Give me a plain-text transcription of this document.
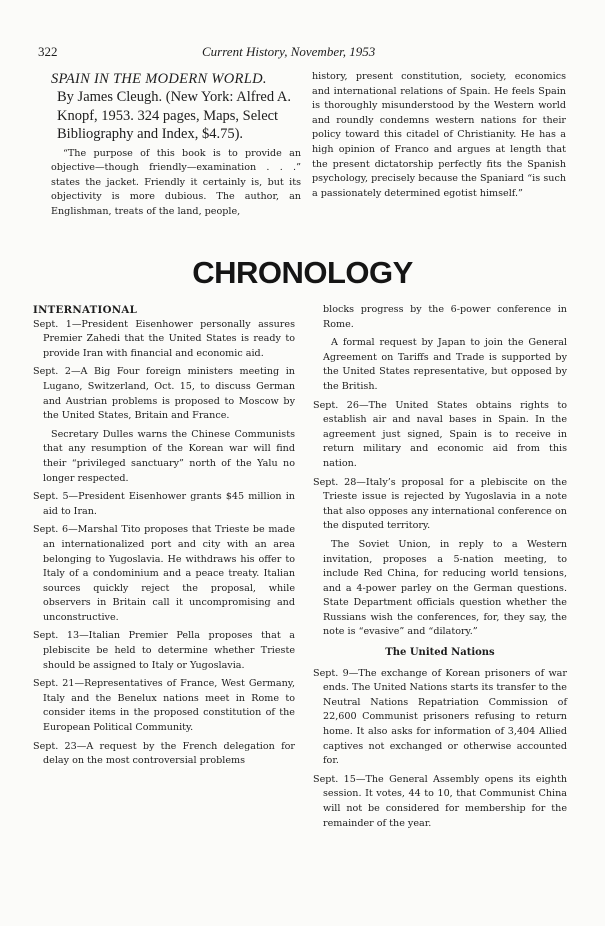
322	Current History, November, 1953
SPAIN IN THE MODERN WORLD.
By James Cleugh. (New York: Alfred A. Knopf, 1953. 324 pages, Maps, Select Bibliography and Index, $4.75).

“The purpose of this book is to provide an objective—though friendly—examination . . .” states the jacket. Friendly it certainly is, but its objectivity is more dubious. The author, an Englishman, treats of the land, people,

history, present constitution, society, economics and international relations of Spain. He feels Spain is thoroughly misunderstood by the Western world and roundly condemns western nations for their policy toward this citadel of Christianity. He has a high opinion of Franco and argues at length that the present dictatorship perfectly fits the Spanish psychology, precisely because the Spaniard “is such a passionately determined egotist himself.”

CHRONOLOGY

INTERNATIONAL

Sept. 1—President Eisenhower personally assures Premier Zahedi that the United States is ready to provide Iran with financial and economic aid.

Sept. 2—A Big Four foreign ministers meeting in Lugano, Switzerland, Oct. 15, to discuss German and Austrian problems is proposed to Moscow by the United States, Britain and France.

Secretary Dulles warns the Chinese Communists that any resumption of the Korean war will find their “privileged sanctuary” north of the Yalu no longer respected.

Sept. 5—President Eisenhower grants $45 million in aid to Iran.

Sept. 6—Marshal Tito proposes that Trieste be made an internationalized port and city with an area belonging to Yugoslavia. He withdraws his offer to Italy of a condominium and a peace treaty. Italian sources quickly reject the proposal, while observers in Britain call it uncompromising and unconstructive.

Sept. 13—Italian Premier Pella proposes that a plebiscite be held to determine whether Trieste should be assigned to Italy or Yugoslavia.

Sept. 21—Representatives of France, West Germany, Italy and the Benelux nations meet in Rome to consider items in the proposed constitution of the European Political Community.

Sept. 23—A request by the French delegation for delay on the most controversial problems

blocks progress by the 6-power conference in Rome.

A formal request by Japan to join the General Agreement on Tariffs and Trade is supported by the United States representative, but opposed by the British.

Sept. 26—The United States obtains rights to establish air and naval bases in Spain. In the agreement just signed, Spain is to receive in return military and economic aid from this nation.

Sept. 28—Italy’s proposal for a plebiscite on the Trieste issue is rejected by Yugoslavia in a note that also opposes any international conference on the disputed territory.

The Soviet Union, in reply to a Western invitation, proposes a 5-nation meeting, to include Red China, for reducing world tensions, and a 4-power parley on the German questions. State Department officials question whether the Russians wish the conferences, for, they say, the note is “evasive” and “dilatory.”

The United Nations

Sept. 9—The exchange of Korean prisoners of war ends. The United Nations starts its transfer to the Neutral Nations Repatriation Commission of 22,600 Communist prisoners refusing to return home. It also asks for information of 3,404 Allied captives not exchanged or otherwise accounted for.

Sept. 15—The General Assembly opens its eighth session. It votes, 44 to 10, that Communist China will not be considered for membership for the remainder of the year.
